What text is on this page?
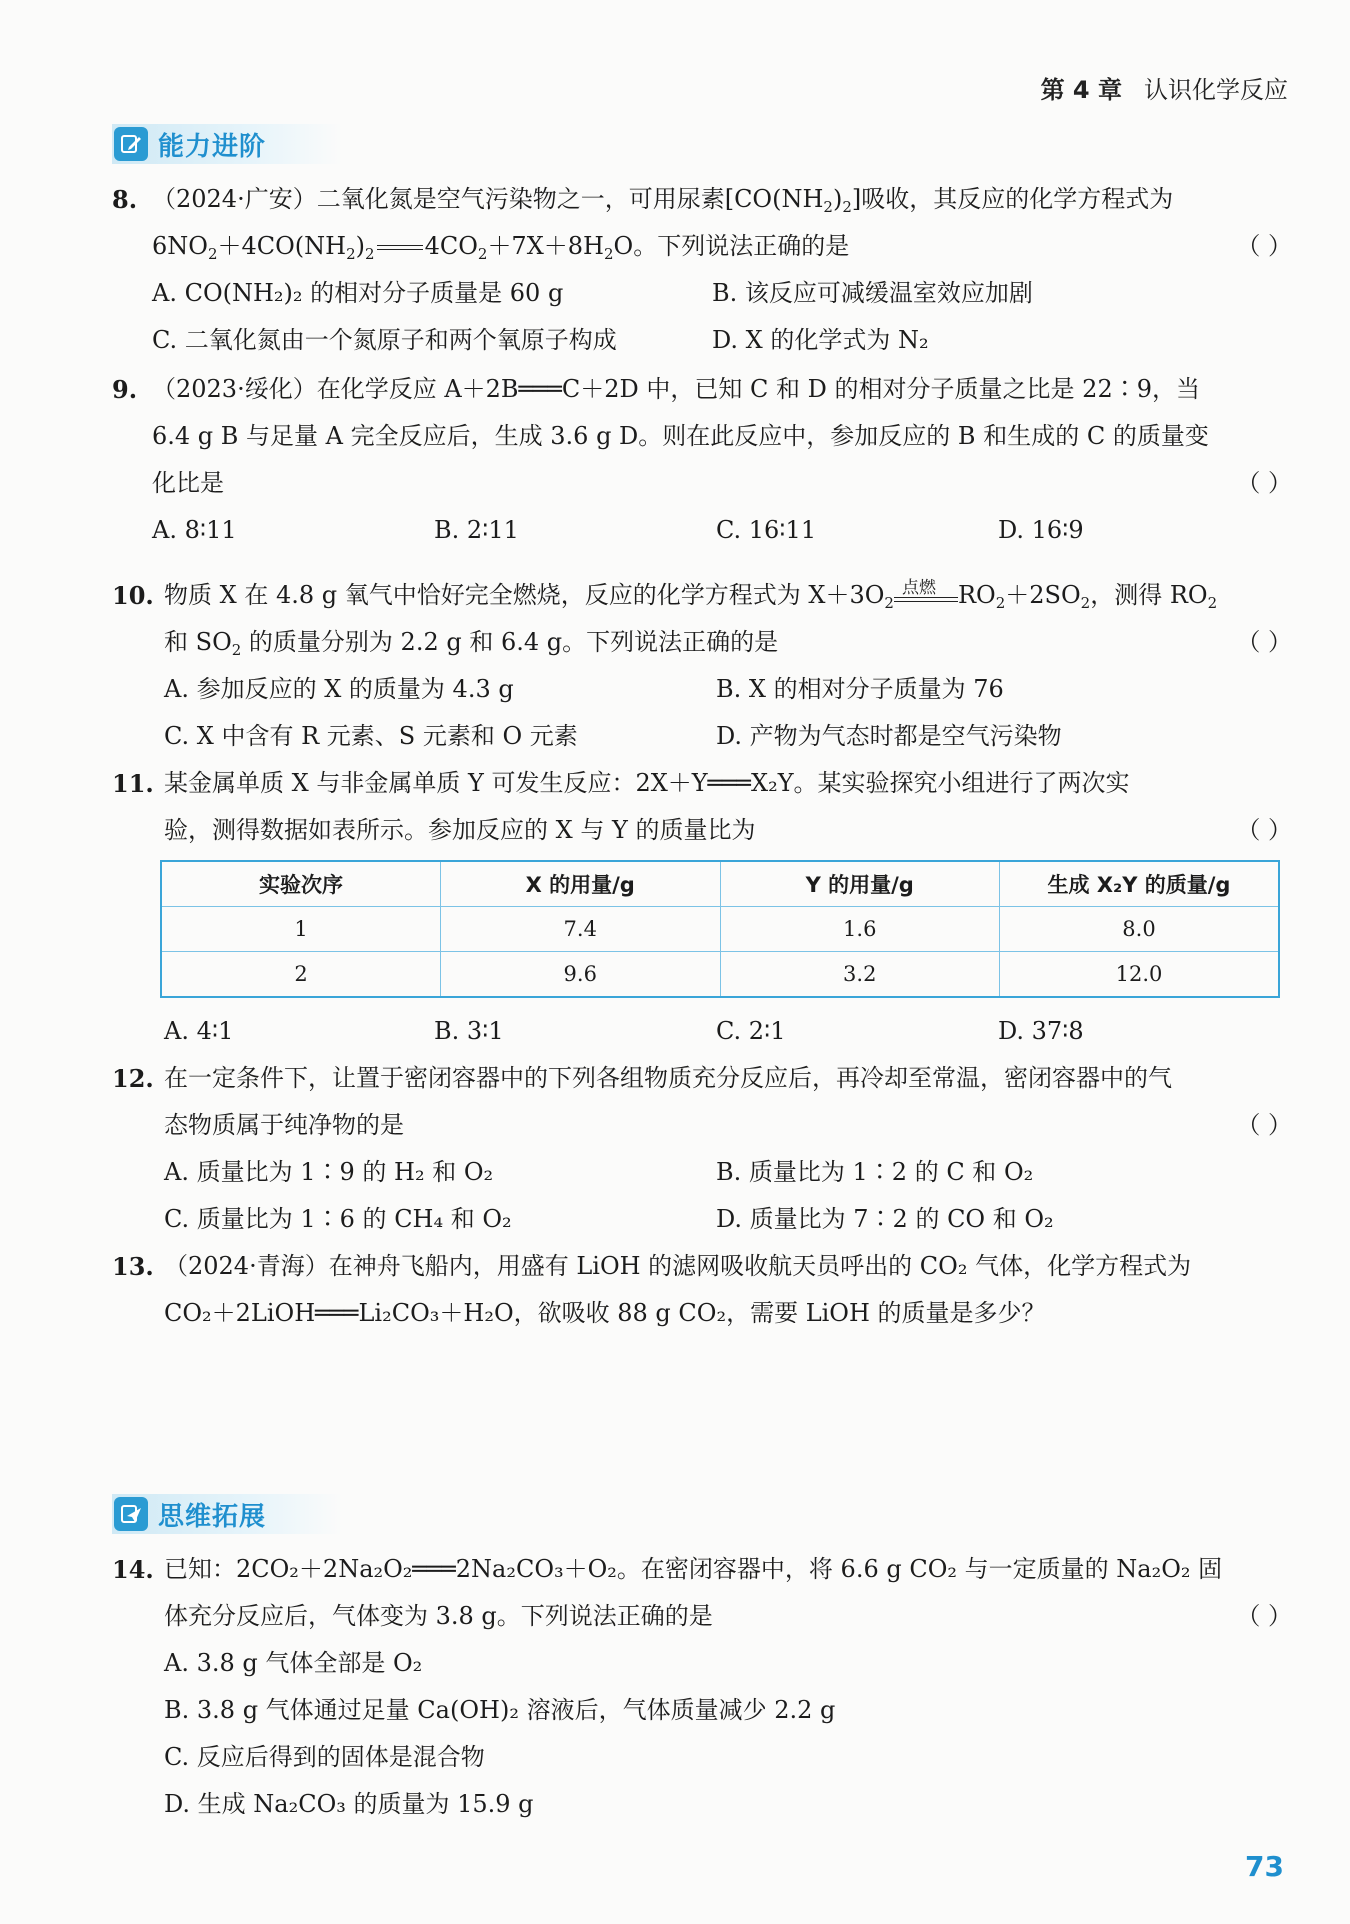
第 4 章 认识化学反应
能力进阶
8. （2024·广安）二氧化氮是空气污染物之一，可用尿素$[CO(NH_2)_2]$吸收，其反应的化学方程式为
$6NO_2+4CO(NH_2)_2$ $4CO_2+7X+8H_2O$。下列说法正确的是	（ ）
A. CO(NH₂)₂ 的相对分子质量是 60 g	B. 该反应可减缓温室效应加剧
C. 二氧化氮由一个氮原子和两个氧原子构成	D. X 的化学式为 N₂
9. （2023·绥化）在化学反应 A＋2B═══C＋2D 中，已知 C 和 D 的相对分子质量之比是 22∶9，当
6.4 g B 与足量 A 完全反应后，生成 3.6 g D。则在此反应中，参加反应的 B 和生成的 C 的质量变
化比是	（ ）
A. 8∶11	B. 2∶11	C. 16∶11	D. 16∶9
10. 物质 X 在 4.8 g 氧气中恰好完全燃烧，反应的化学方程式为 $X+3O_2$
点燃 $RO_2+2SO_2$，测得 $RO_2$
和 $SO_2$ 的质量分别为 2.2 g 和 6.4 g。下列说法正确的是	（ ）
A. 参加反应的 X 的质量为 4.3 g	B. X 的相对分子质量为 76
C. X 中含有 R 元素、S 元素和 O 元素	D. 产物为气态时都是空气污染物
11. 某金属单质 X 与非金属单质 Y 可发生反应：2X＋Y═══X₂Y。某实验探究小组进行了两次实
验，测得数据如表所示。参加反应的 X 与 Y 的质量比为	（ ）
实验次序	X 的用量/g	Y 的用量/g	生成 X₂Y 的质量/g
1	7.4	1.6	8.0
2	9.6	3.2	12.0
A. 4∶1	B. 3∶1	C. 2∶1	D. 37∶8
12. 在一定条件下，让置于密闭容器中的下列各组物质充分反应后，再冷却至常温，密闭容器中的气
态物质属于纯净物的是	（ ）
A. 质量比为 1∶9 的 H₂ 和 O₂	B. 质量比为 1∶2 的 C 和 O₂
C. 质量比为 1∶6 的 CH₄ 和 O₂	D. 质量比为 7∶2 的 CO 和 O₂
13. （2024·青海）在神舟飞船内，用盛有 LiOH 的滤网吸收航天员呼出的 CO₂ 气体，化学方程式为
CO₂＋2LiOH═══Li₂CO₃＋H₂O，欲吸收 88 g CO₂，需要 LiOH 的质量是多少？
思维拓展
14. 已知：2CO₂＋2Na₂O₂═══2Na₂CO₃＋O₂。在密闭容器中，将 6.6 g CO₂ 与一定质量的 Na₂O₂ 固
体充分反应后，气体变为 3.8 g。下列说法正确的是	（ ）
A. 3.8 g 气体全部是 O₂
B. 3.8 g 气体通过足量 Ca(OH)₂ 溶液后，气体质量减少 2.2 g
C. 反应后得到的固体是混合物
D. 生成 Na₂CO₃ 的质量为 15.9 g
73
